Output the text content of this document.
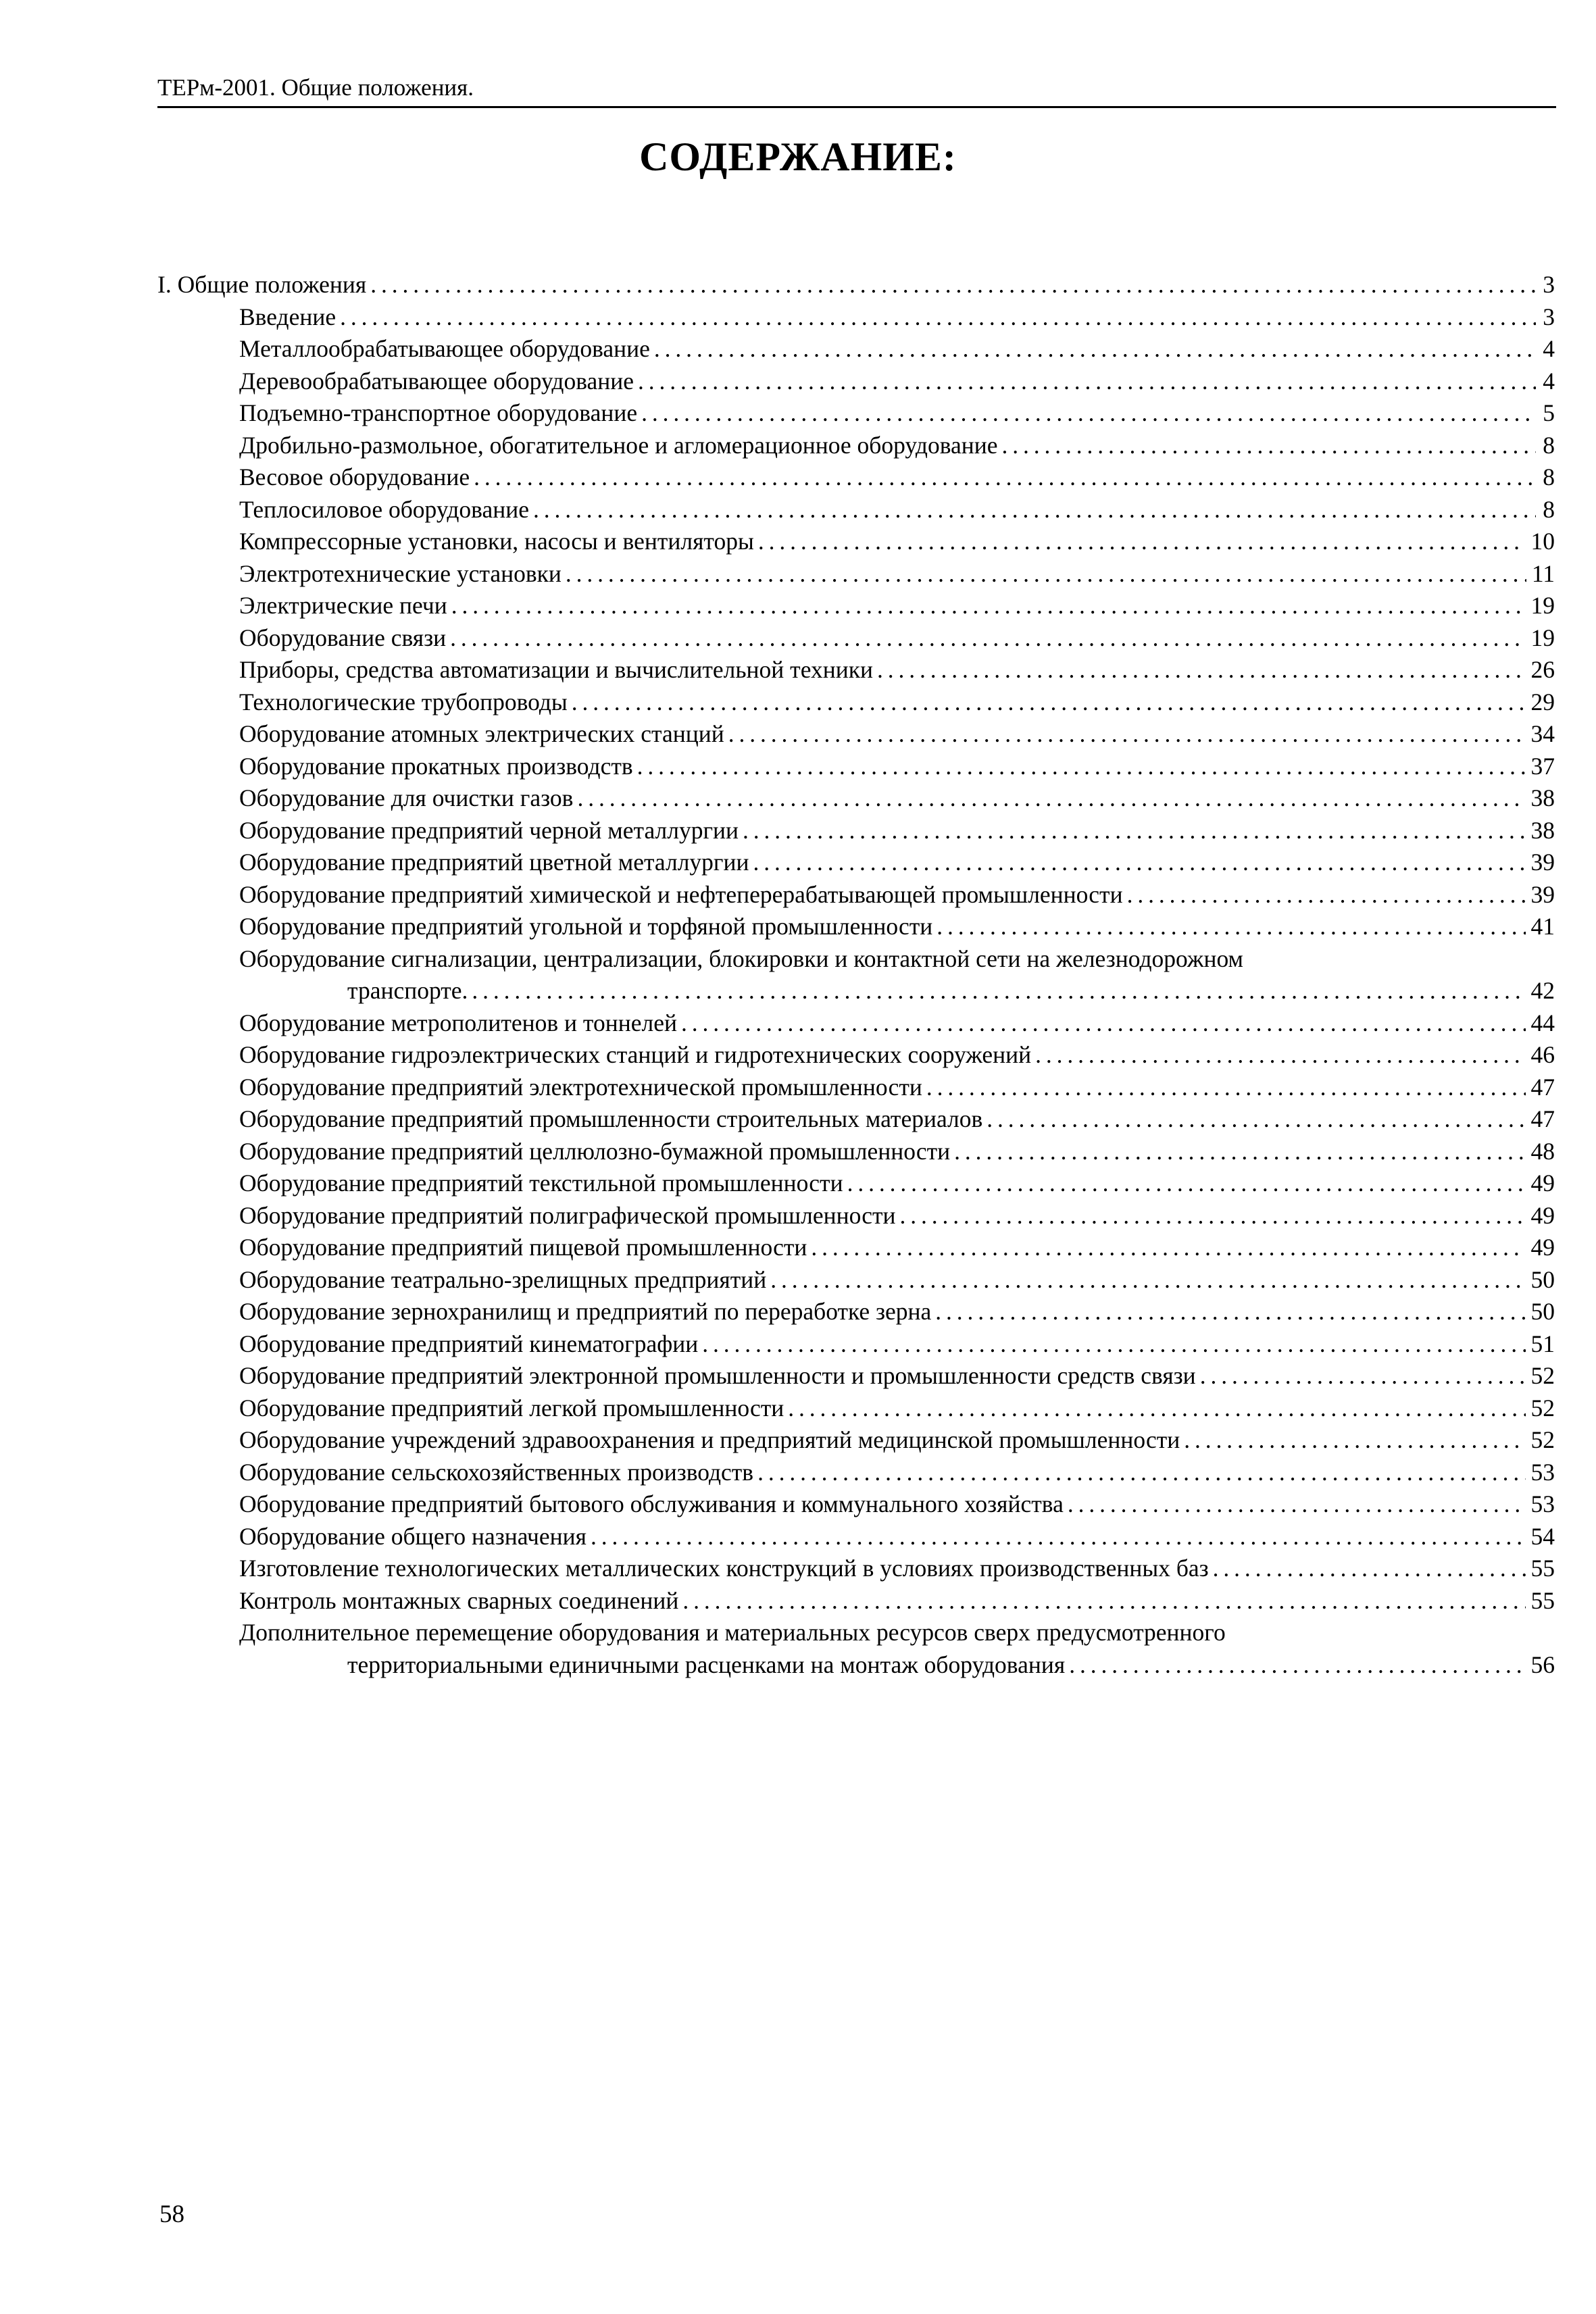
ТЕРм-2001. Общие положения.
СОДЕРЖАНИЕ:
I. Общие положения . . .	3
Введение . . .	3
Металлообрабатывающее оборудование . . .	4
Деревообрабатывающее оборудование . . .	4
Подъемно-транспортное оборудование . . .	5
Дробильно-размольное, обогатительное и агломерационное оборудование . . .	8
Весовое оборудование . . .	8
Теплосиловое оборудование . . .	8
Компрессорные установки, насосы и вентиляторы . . .	10
Электротехнические установки . . .	11
Электрические печи . . .	19
Оборудование связи . . .	19
Приборы, средства автоматизации и вычислительной техники . . .	26
Технологические трубопроводы . . .	29
Оборудование атомных электрических станций . . .	34
Оборудование прокатных производств . . .	37
Оборудование для очистки газов . . .	38
Оборудование предприятий черной металлургии . . .	38
Оборудование предприятий цветной металлургии . . .	39
Оборудование предприятий химической и нефтеперерабатывающей промышленности . . .	39
Оборудование предприятий угольной и торфяной промышленности . . .	41
Оборудование сигнализации, централизации, блокировки и контактной сети на железнодорожном
транспорте. . . .	42
Оборудование метрополитенов и тоннелей . . .	44
Оборудование гидроэлектрических станций и гидротехнических сооружений . . .	46
Оборудование предприятий электротехнической промышленности . . .	47
Оборудование предприятий промышленности строительных материалов . . .	47
Оборудование предприятий целлюлозно-бумажной промышленности . . .	48
Оборудование предприятий текстильной промышленности . . .	49
Оборудование предприятий полиграфической промышленности . . .	49
Оборудование предприятий пищевой промышленности . . .	49
Оборудование театрально-зрелищных предприятий . . .	50
Оборудование зернохранилищ и предприятий по переработке зерна . . .	50
Оборудование предприятий кинематографии . . .	51
Оборудование предприятий электронной промышленности и промышленности средств связи . . .	52
Оборудование предприятий легкой промышленности . . .	52
Оборудование учреждений здравоохранения и предприятий медицинской промышленности . . .	52
Оборудование сельскохозяйственных производств . . .	53
Оборудование предприятий бытового обслуживания и коммунального хозяйства . . .	53
Оборудование общего назначения . . .	54
Изготовление технологических металлических конструкций в условиях производственных баз . . .	55
Контроль монтажных сварных соединений . . .	55
Дополнительное перемещение оборудования и материальных ресурсов сверх предусмотренного
территориальными единичными расценками на монтаж оборудования . . .	56
58
